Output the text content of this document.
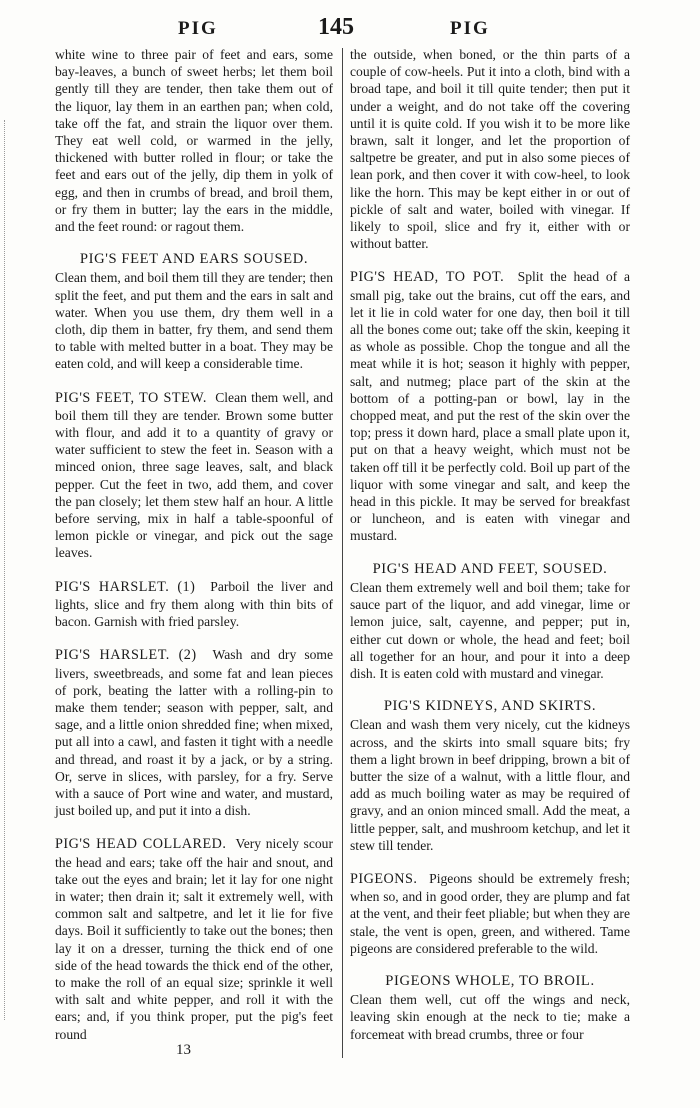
PIG	145	PIG

white wine to three pair of feet and ears, some bay-leaves, a bunch of sweet herbs; let them boil gently till they are tender, then take them out of the liquor, lay them in an earthen pan; when cold, take off the fat, and strain the liquor over them. They eat well cold, or warmed in the jelly, thickened with butter rolled in flour; or take the feet and ears out of the jelly, dip them in yolk of egg, and then in crumbs of bread, and broil them, or fry them in butter; lay the ears in the middle, and the feet round: or ragout them.

PIG'S FEET AND EARS SOUSED.

Clean them, and boil them till they are tender; then split the feet, and put them and the ears in salt and water. When you use them, dry them well in a cloth, dip them in batter, fry them, and send them to table with melted butter in a boat. They may be eaten cold, and will keep a considerable time.

PIG'S FEET, TO STEW. Clean them well, and boil them till they are tender. Brown some butter with flour, and add it to a quantity of gravy or water sufficient to stew the feet in. Season with a minced onion, three sage leaves, salt, and black pepper. Cut the feet in two, add them, and cover the pan closely; let them stew half an hour. A little before serving, mix in half a table-spoonful of lemon pickle or vinegar, and pick out the sage leaves.

PIG'S HARSLET. (1) Parboil the liver and lights, slice and fry them along with thin bits of bacon. Garnish with fried parsley.

PIG'S HARSLET. (2) Wash and dry some livers, sweetbreads, and some fat and lean pieces of pork, beating the latter with a rolling-pin to make them tender; season with pepper, salt, and sage, and a little onion shredded fine; when mixed, put all into a cawl, and fasten it tight with a needle and thread, and roast it by a jack, or by a string. Or, serve in slices, with parsley, for a fry. Serve with a sauce of Port wine and water, and mustard, just boiled up, and put it into a dish.

PIG'S HEAD COLLARED. Very nicely scour the head and ears; take off the hair and snout, and take out the eyes and brain; let it lay for one night in water; then drain it; salt it extremely well, with common salt and saltpetre, and let it lie for five days. Boil it sufficiently to take out the bones; then lay it on a dresser, turning the thick end of one side of the head towards the thick end of the other, to make the roll of an equal size; sprinkle it well with salt and white pepper, and roll it with the ears; and, if you think proper, put the pig's feet round

the outside, when boned, or the thin parts of a couple of cow-heels. Put it into a cloth, bind with a broad tape, and boil it till quite tender; then put it under a weight, and do not take off the covering until it is quite cold. If you wish it to be more like brawn, salt it longer, and let the proportion of saltpetre be greater, and put in also some pieces of lean pork, and then cover it with cow-heel, to look like the horn. This may be kept either in or out of pickle of salt and water, boiled with vinegar. If likely to spoil, slice and fry it, either with or without batter.

PIG'S HEAD, TO POT. Split the head of a small pig, take out the brains, cut off the ears, and let it lie in cold water for one day, then boil it till all the bones come out; take off the skin, keeping it as whole as possible. Chop the tongue and all the meat while it is hot; season it highly with pepper, salt, and nutmeg; place part of the skin at the bottom of a potting-pan or bowl, lay in the chopped meat, and put the rest of the skin over the top; press it down hard, place a small plate upon it, put on that a heavy weight, which must not be taken off till it be perfectly cold. Boil up part of the liquor with some vinegar and salt, and keep the head in this pickle. It may be served for breakfast or luncheon, and is eaten with vinegar and mustard.

PIG'S HEAD AND FEET, SOUSED.

Clean them extremely well and boil them; take for sauce part of the liquor, and add vinegar, lime or lemon juice, salt, cayenne, and pepper; put in, either cut down or whole, the head and feet; boil all together for an hour, and pour it into a deep dish. It is eaten cold with mustard and vinegar.

PIG'S KIDNEYS, AND SKIRTS.

Clean and wash them very nicely, cut the kidneys across, and the skirts into small square bits; fry them a light brown in beef dripping, brown a bit of butter the size of a walnut, with a little flour, and add as much boiling water as may be required of gravy, and an onion minced small. Add the meat, a little pepper, salt, and mushroom ketchup, and let it stew till tender.

PIGEONS. Pigeons should be extremely fresh; when so, and in good order, they are plump and fat at the vent, and their feet pliable; but when they are stale, the vent is open, green, and withered. Tame pigeons are considered preferable to the wild.

PIGEONS WHOLE, TO BROIL.

Clean them well, cut off the wings and neck, leaving skin enough at the neck to tie; make a forcemeat with bread crumbs, three or four

13
